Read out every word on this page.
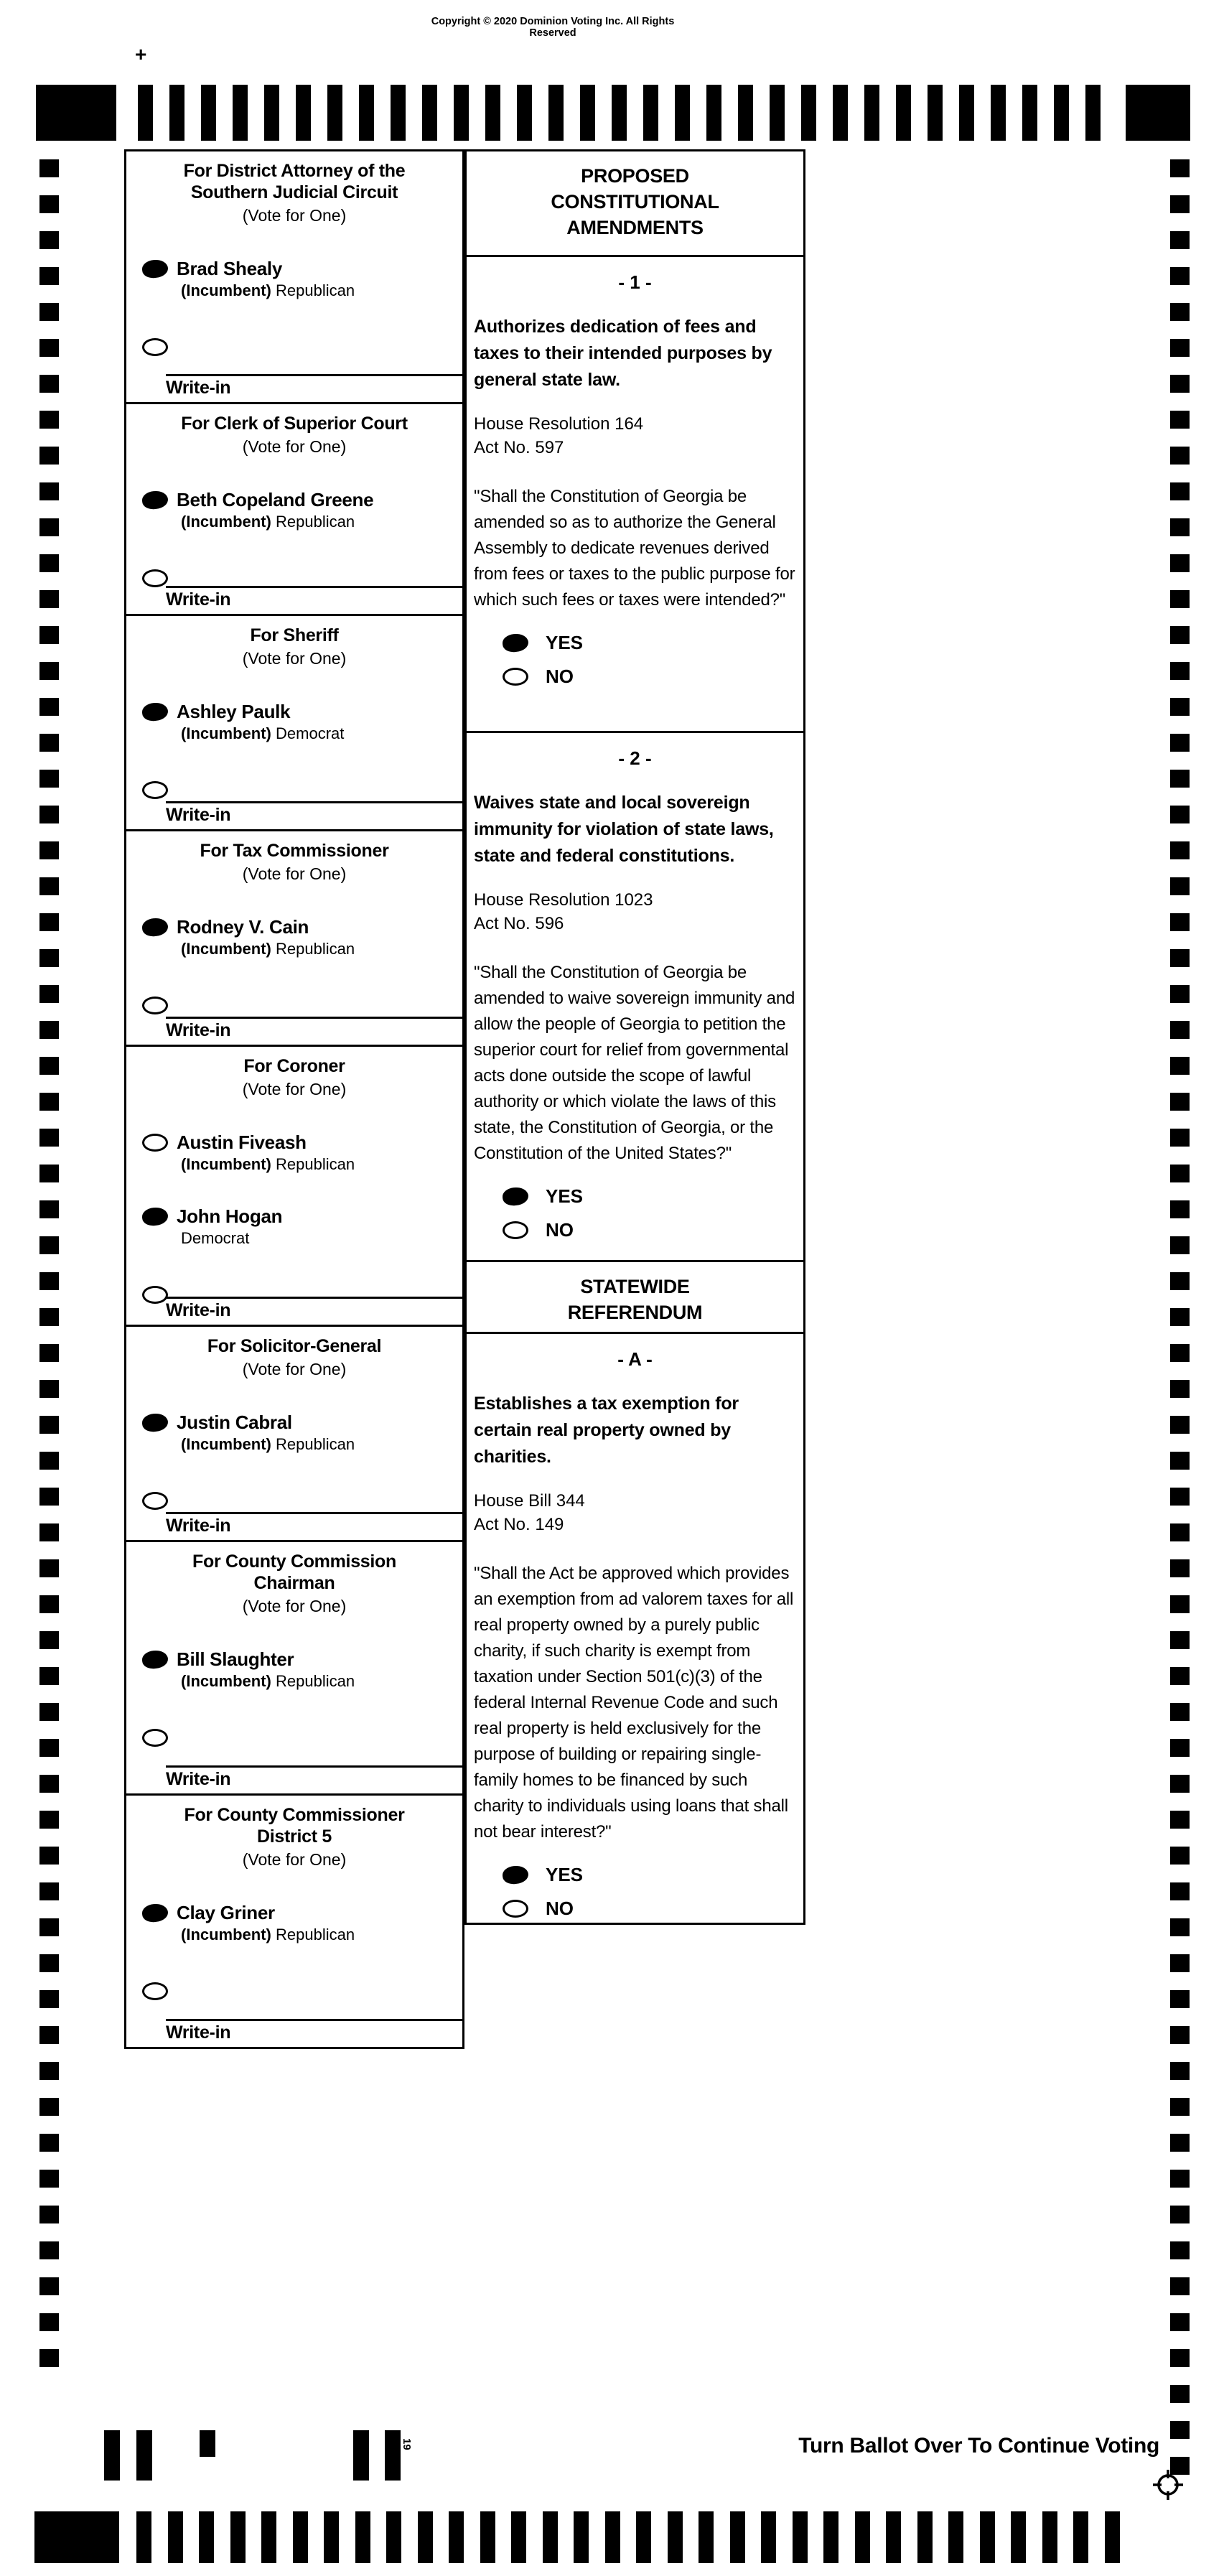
Copyright © 2020 Dominion Voting Inc. All Rights Reserved
+
For District Attorney of the
Southern Judicial Circuit
(Vote for One)
Brad Shealy
(Incumbent) Republican
Write-in
For Clerk of Superior Court
(Vote for One)
Beth Copeland Greene
(Incumbent) Republican
Write-in
For Sheriff
(Vote for One)
Ashley Paulk
(Incumbent) Democrat
Write-in
For Tax Commissioner
(Vote for One)
Rodney V. Cain
(Incumbent) Republican
Write-in
For Coroner
(Vote for One)
Austin Fiveash
(Incumbent) Republican
John Hogan
Democrat
Write-in
For Solicitor-General
(Vote for One)
Justin Cabral
(Incumbent) Republican
Write-in
For County Commission
Chairman
(Vote for One)
Bill Slaughter
(Incumbent) Republican
Write-in
For County Commissioner
District 5
(Vote for One)
Clay Griner
(Incumbent) Republican
Write-in
PROPOSED
CONSTITUTIONAL
AMENDMENTS
- 1 -
Authorizes dedication of fees and taxes to their intended purposes by general state law.
House Resolution 164
Act No. 597
"Shall the Constitution of Georgia be amended so as to authorize the General Assembly to dedicate revenues derived from fees or taxes to the public purpose for which such fees or taxes were intended?"
YES
NO
- 2 -
Waives state and local sovereign immunity for violation of state laws, state and federal constitutions.
House Resolution 1023
Act No. 596
"Shall the Constitution of Georgia be amended to waive sovereign immunity and allow the people of Georgia to petition the superior court for relief from governmental acts done outside the scope of lawful authority or which violate the laws of this state, the Constitution of Georgia, or the Constitution of the United States?"
YES
NO
STATEWIDE
REFERENDUM
- A -
Establishes a tax exemption for certain real property owned by charities.
House Bill 344
Act No. 149
"Shall the Act be approved which provides an exemption from ad valorem taxes for all real property owned by a purely public charity, if such charity is exempt from taxation under Section 501(c)(3) of the federal Internal Revenue Code and such real property is held exclusively for the purpose of building or repairing single-family homes to be financed by such charity to individuals using loans that shall not bear interest?"
YES
NO
19	Turn Ballot Over To Continue Voting
